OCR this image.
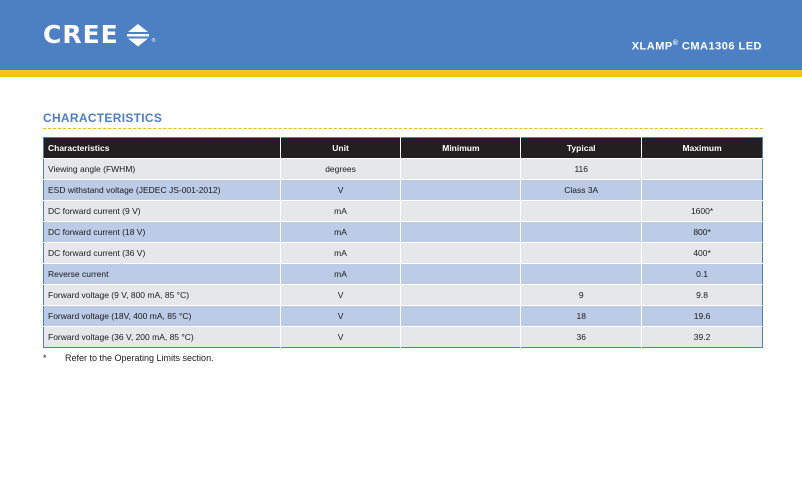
CREE	®	XLAMP® CMA1306 LED
CHARACTERISTICS
Characteristics	Unit	Minimum	Typical	Maximum
Viewing angle (FWHM)	degrees		116	
ESD withstand voltage (JEDEC JS-001-2012)	V		Class 3A	
DC forward current (9 V)	mA			1600*
DC forward current (18 V)	mA			800*
DC forward current (36 V)	mA			400*
Reverse current	mA			0.1
Forward voltage (9 V, 800 mA, 85 °C)	V		9	9.8
Forward voltage (18V, 400 mA, 85 °C)	V		18	19.6
Forward voltage (36 V, 200 mA, 85 °C)	V		36	39.2
*	Refer to the Operating Limits section.
